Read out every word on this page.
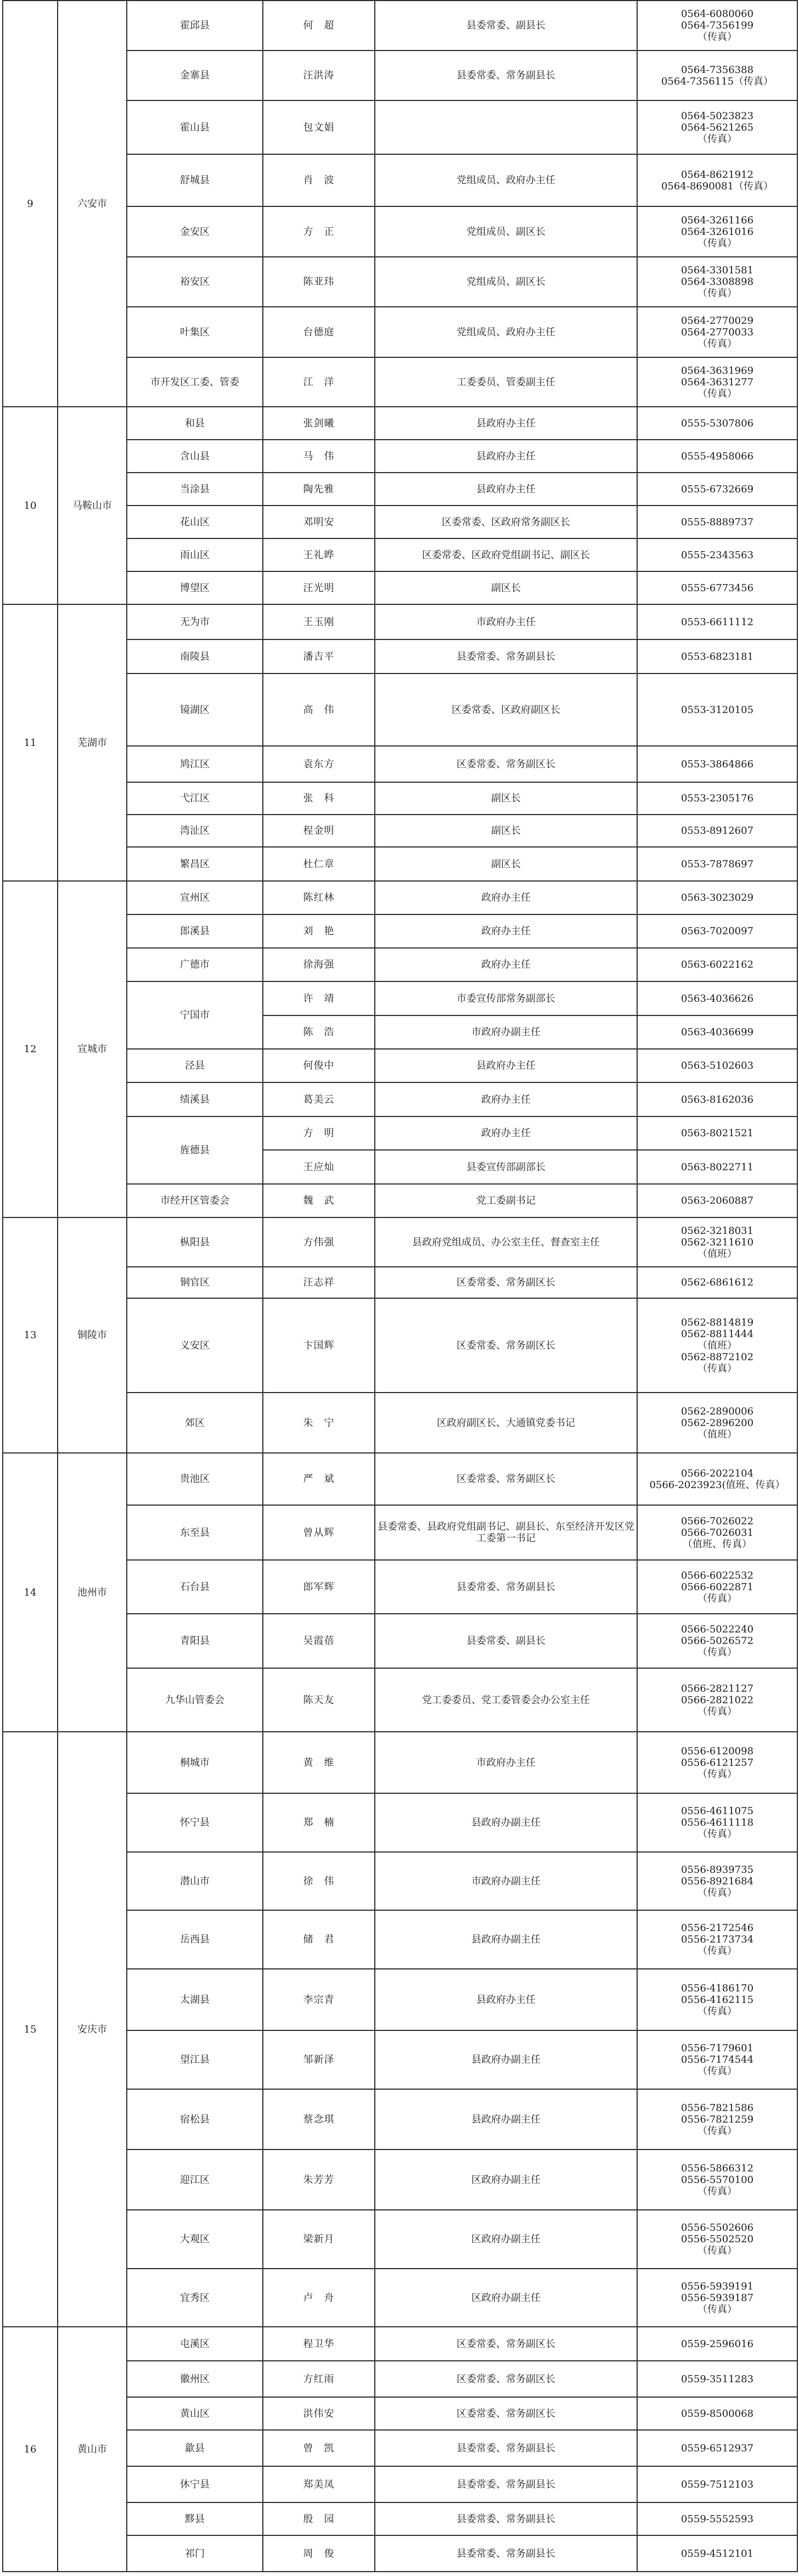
9	六安市	霍邱县	何　超	县委常委、副县长	0564-6080060
0564-7356199
（传真）
		金寨县	汪洪涛	县委常委、常务副县长	0564-7356388
0564-7356115（传真）
		霍山县	包文娟		0564-5023823
0564-5621265
（传真）
		舒城县	肖　波	党组成员、政府办主任	0564-8621912
0564-8690081（传真）
		金安区	方　正	党组成员、副区长	0564-3261166
0564-3261016
（传真）
		裕安区	陈亚玮	党组成员、副区长	0564-3301581
0564-3308898
（传真）
		叶集区	台德庭	党组成员、政府办主任	0564-2770029
0564-2770033
（传真）
		市开发区工委、管委	江　洋	工委委员、管委副主任	0564-3631969
0564-3631277
（传真）
10	马鞍山市	和县	张剑曦	县政府办主任	0555-5307806
		含山县	马　伟	县政府办主任	0555-4958066
		当涂县	陶先雅	县政府办主任	0555-6732669
		花山区	邓明安	区委常委、区政府常务副区长	0555-8889737
		雨山区	王礼晔	区委常委、区政府党组副书记、副区长	0555-2343563
		博望区	汪光明	副区长	0555-6773456
11	芜湖市	无为市	王玉刚	市政府办主任	0553-6611112
		南陵县	潘吉平	县委常委、常务副县长	0553-6823181
		镜湖区	高　伟	区委常委、区政府副区长	0553-3120105
		鸠江区	袁东方	区委常委、常务副区长	0553-3864866
		弋江区	张　科	副区长	0553-2305176
		湾沚区	程金明	副区长	0553-8912607
		繁昌区	杜仁章	副区长	0553-7878697
12	宣城市	宣州区	陈红林	政府办主任	0563-3023029
		郎溪县	刘　艳	政府办主任	0563-7020097
		广德市	徐海强	政府办主任	0563-6022162
		宁国市	许　靖	市委宣传部常务副部长	0563-4036626
			陈　浩	市政府办副主任	0563-4036699
		泾县	何俊中	县政府办主任	0563-5102603
		绩溪县	葛美云	政府办主任	0563-8162036
		旌德县	方　明	政府办主任	0563-8021521
			王应灿	县委宣传部副部长	0563-8022711
		市经开区管委会	魏　武	党工委副书记	0563-2060887
13	铜陵市	枞阳县	方伟强	县政府党组成员、办公室主任、督查室主任	0562-3218031
0562-3211610
（值班）
		铜官区	汪志祥	区委常委、常务副区长	0562-6861612
		义安区	卞国辉	区委常委、常务副区长	0562-8814819
0562-8811444
（值班）
0562-8872102
（传真）
		郊区	朱　宁	区政府副区长、大通镇党委书记	0562-2890006
0562-2896200
（值班）
14	池州市	贵池区	严　斌	区委常委、常务副区长	0566-2022104
0566-2023923(值班、传真）
		东至县	曾从辉	县委常委、县政府党组副书记、副县长、东至经济开发区党工委第一书记	0566-7026022
0566-7026031
（值班、传真）
		石台县	郎军辉	县委常委、常务副县长	0566-6022532
0566-6022871
（传真）
		青阳县	吴霞蓓	县委常委、副县长	0566-5022240
0566-5026572
（传真）
		九华山管委会	陈天友	党工委委员、党工委管委会办公室主任	0566-2821127
0566-2821022
（传真）
15	安庆市	桐城市	黄　维	市政府办主任	0556-6120098
0556-6121257
（传真）
		怀宁县	郑　楠	县政府办副主任	0556-4611075
0556-4611118
（传真）
		潜山市	徐　伟	市政府办副主任	0556-8939735
0556-8921684
（传真）
		岳西县	储　君	县政府办副主任	0556-2172546
0556-2173734
（传真）
		太湖县	李宗青	县政府办主任	0556-4186170
0556-4162115
（传真）
		望江县	邹新泽	县政府办副主任	0556-7179601
0556-7174544
（传真）
		宿松县	蔡念琪	县政府办副主任	0556-7821586
0556-7821259
（传真）
		迎江区	朱芳芳	区政府办副主任	0556-5866312
0556-5570100
（传真）
		大观区	梁新月	区政府办副主任	0556-5502606
0556-5502520
（传真）
		宜秀区	卢　舟	区政府办副主任	0556-5939191
0556-5939187
（传真）
16	黄山市	屯溪区	程卫华	区委常委、常务副区长	0559-2596016
		徽州区	方红雨	区委常委、常务副区长	0559-3511283
		黄山区	洪伟安	区委常委、常务副区长	0559-8500068
		歙县	曾　凯	县委常委、常务副县长	0559-6512937
		休宁县	郑美凤	县委常委、常务副县长	0559-7512103
		黟县	殷　园	县委常委、常务副县长	0559-5552593
		祁门	周　俊	县委常委、常务副县长	0559-4512101
